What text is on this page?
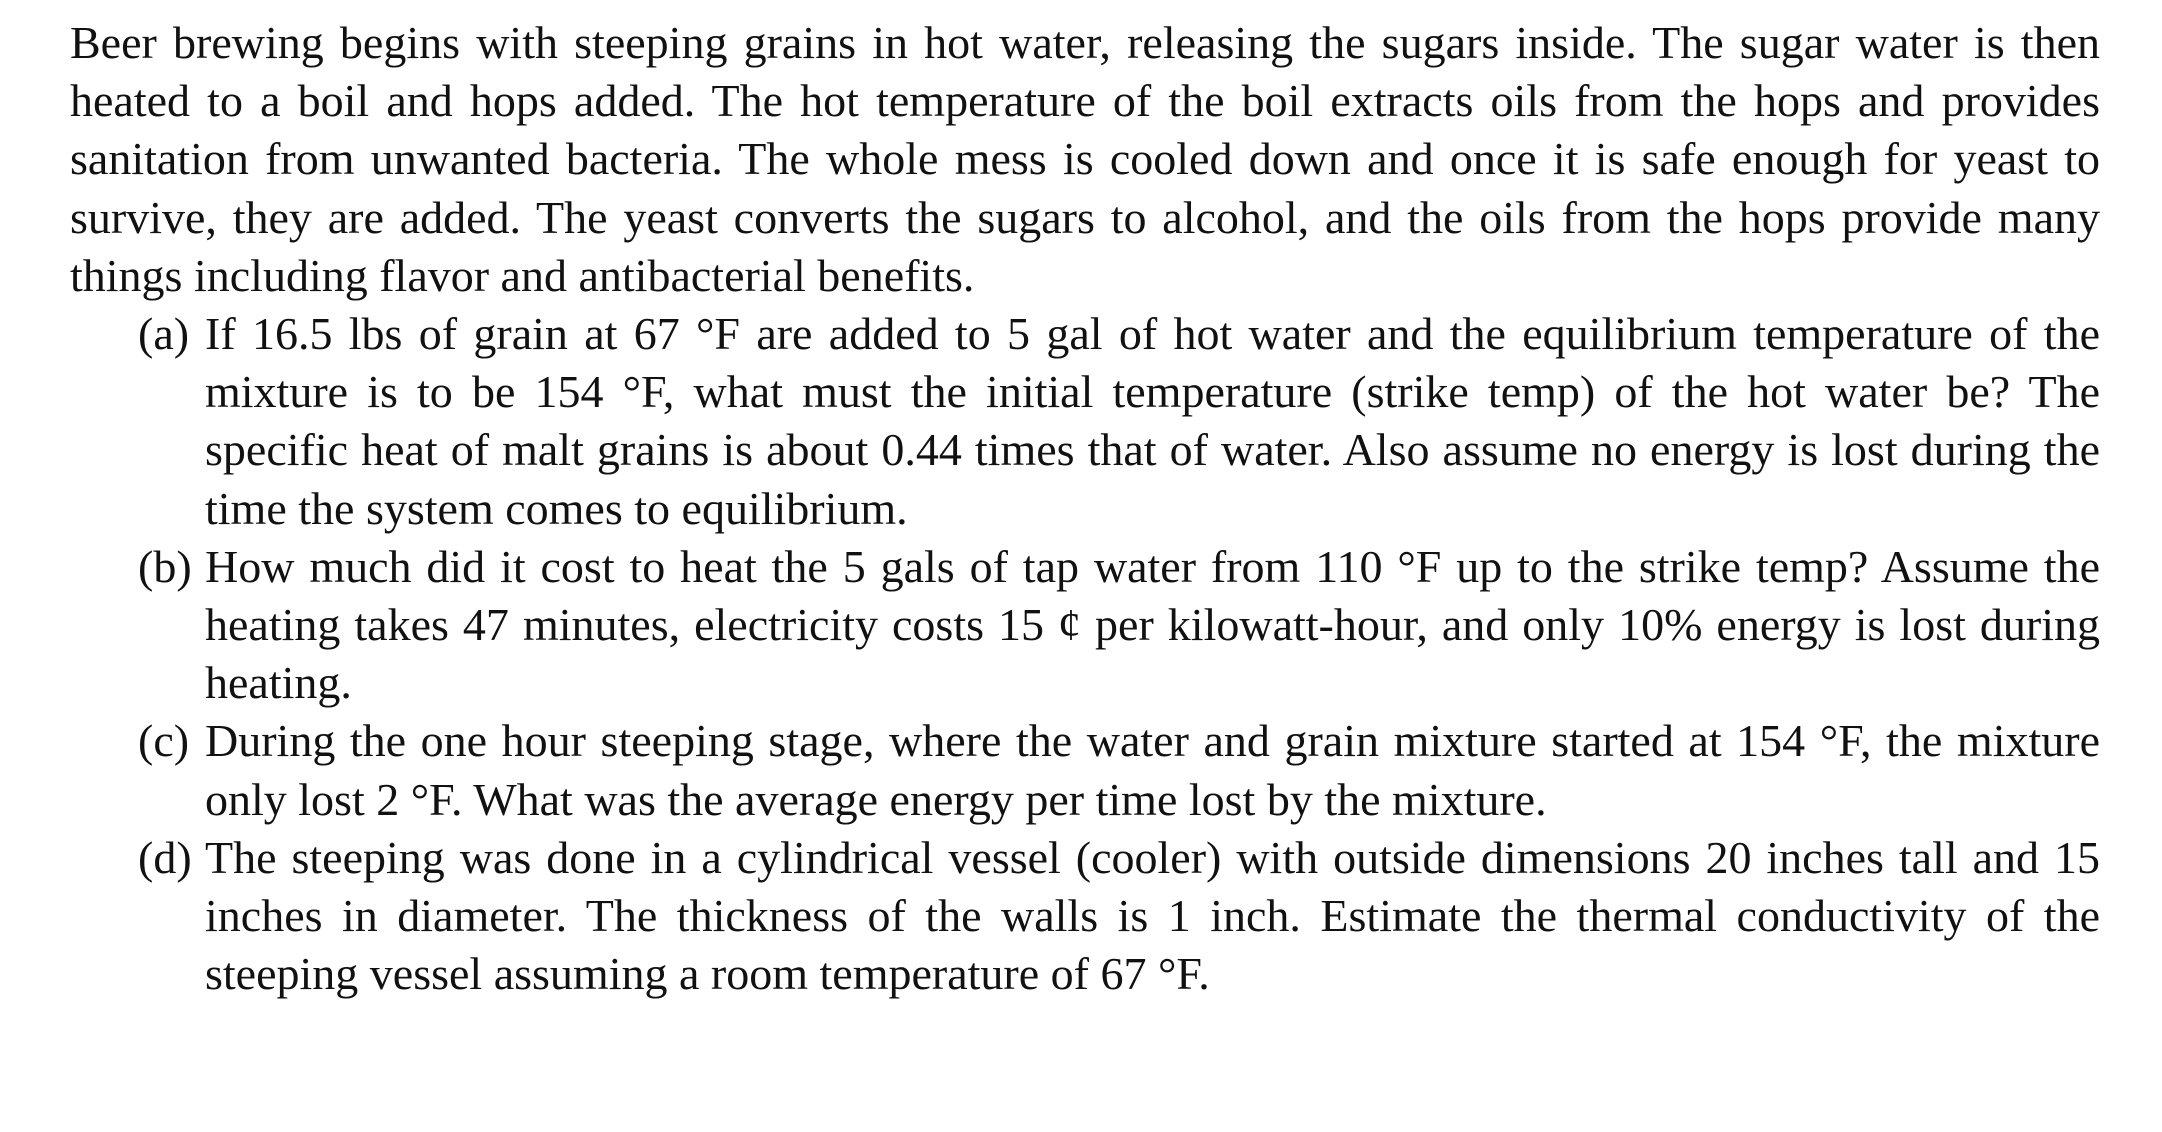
Beer brewing begins with steeping grains in hot water, releasing the sugars inside. The sugar water is then heated to a boil and hops added. The hot temperature of the boil extracts oils from the hops and provides sanitation from unwanted bacteria. The whole mess is cooled down and once it is safe enough for yeast to survive, they are added. The yeast converts the sugars to alcohol, and the oils from the hops provide many things including flavor and antibacterial benefits.

(a) If 16.5 lbs of grain at 67 °F are added to 5 gal of hot water and the equilibrium temperature of the mixture is to be 154 °F, what must the initial temperature (strike temp) of the hot water be? The specific heat of malt grains is about 0.44 times that of water. Also assume no energy is lost during the time the system comes to equilibrium.
(b) How much did it cost to heat the 5 gals of tap water from 110 °F up to the strike temp? Assume the heating takes 47 minutes, electricity costs 15 ¢ per kilowatt-hour, and only 10% energy is lost during heating.
(c) During the one hour steeping stage, where the water and grain mixture started at 154 °F, the mixture only lost 2 °F. What was the average energy per time lost by the mixture.
(d) The steeping was done in a cylindrical vessel (cooler) with outside dimensions 20 inches tall and 15 inches in diameter. The thickness of the walls is 1 inch. Estimate the thermal conductivity of the steeping vessel assuming a room temperature of 67 °F.
